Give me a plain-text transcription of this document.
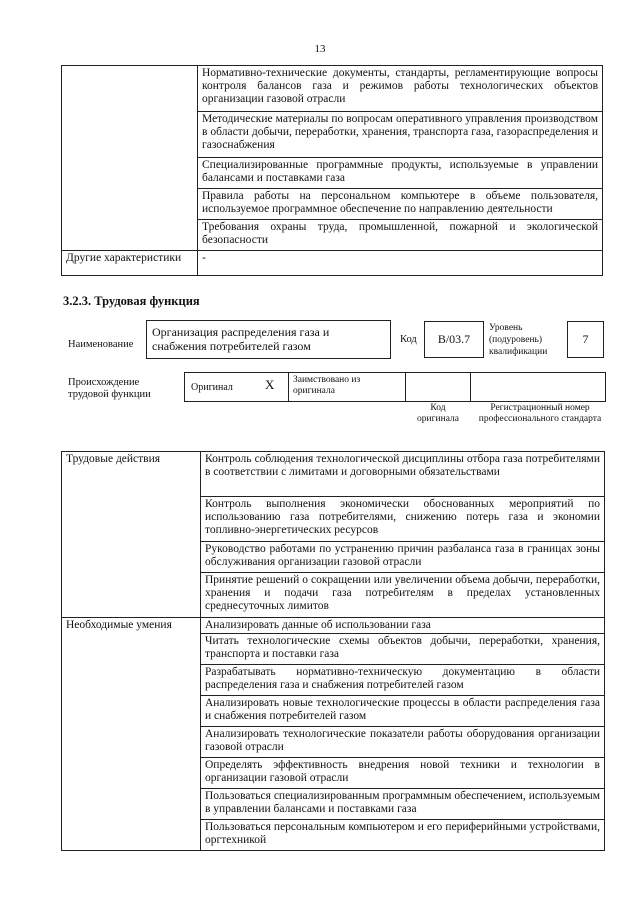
13
	Нормативно-технические документы, стандарты, регламентирующие вопросы контроля балансов газа и режимов работы технологических объектов организации газовой отрасли
	Методические материалы по вопросам оперативного управления производством в области добычи, переработки, хранения, транспорта газа, газораспределения и газоснабжения
	Специализированные программные продукты, используемые в управлении балансами и поставками газа
	Правила работы на персональном компьютере в объеме пользователя, используемое программное обеспечение по направлению деятельности
	Требования охраны труда, промышленной, пожарной и экологической безопасности
Другие характеристики	-
3.2.3. Трудовая функция
Наименование
Организация распределения газа и снабжения потребителей газом	Код	B/03.7
Уровень (подуровень) квалификации
7
Происхождение трудовой функции
Оригинал X Заимствовано из оригинала
Код оригинала
Регистрационный номер профессионального стандарта
Трудовые действия	Контроль соблюдения технологической дисциплины отбора газа потребителями в соответствии с лимитами и договорными обязательствами
	Контроль выполнения экономически обоснованных мероприятий по использованию газа потребителями, снижению потерь газа и экономии топливно-энергетических ресурсов
	Руководство работами по устранению причин разбаланса газа в границах зоны обслуживания организации газовой отрасли
	Принятие решений о сокращении или увеличении объема добычи, переработки, хранения и подачи газа потребителям в пределах установленных среднесуточных лимитов
Необходимые умения	Анализировать данные об использовании газа
	Читать технологические схемы объектов добычи, переработки, хранения, транспорта и поставки газа
	Разрабатывать нормативно-техническую документацию в области распределения газа и снабжения потребителей газом
	Анализировать новые технологические процессы в области распределения газа и снабжения потребителей газом
	Анализировать технологические показатели работы оборудования организации газовой отрасли
	Определять эффективность внедрения новой техники и технологии в организации газовой отрасли
	Пользоваться специализированным программным обеспечением, используемым в управлении балансами и поставками газа
	Пользоваться персональным компьютером и его периферийными устройствами, оргтехникой
